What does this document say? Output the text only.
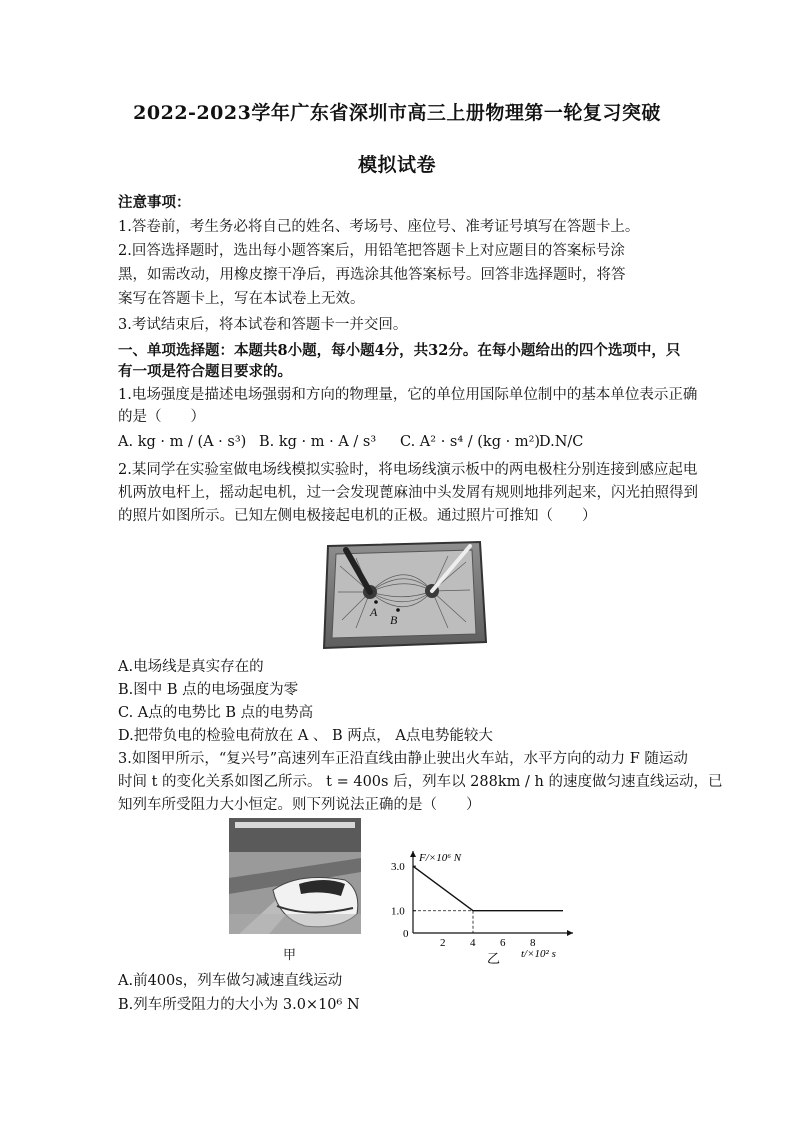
2022-2023学年广东省深圳市高三上册物理第一轮复习突破
模拟试卷
注意事项：
1.答卷前，考生务必将自己的姓名、考场号、座位号、准考证号填写在答题卡上。
2.回答选择题时，选出每小题答案后，用铅笔把答题卡上对应题目的答案标号涂
黑，如需改动，用橡皮擦干净后，再选涂其他答案标号。回答非选择题时，将答
案写在答题卡上，写在本试卷上无效。
3.考试结束后，将本试卷和答题卡一并交回。
一、单项选择题：本题共8小题，每小题4分，共32分。在每小题给出的四个选项中，只
有一项是符合题目要求的。
1.电场强度是描述电场强弱和方向的物理量，它的单位用国际单位制中的基本单位表示正确
的是（　　）
A. kg · m / (A · s³) B. kg · m · A / s³	C. A² · s⁴ / (kg · m²)
D.N/C
2.某同学在实验室做电场线模拟实验时，将电场线演示板中的两电极柱分别连接到感应起电
机两放电杆上，摇动起电机，过一会发现蓖麻油中头发屑有规则地排列起来，闪光拍照得到
的照片如图所示。已知左侧电极接起电机的正极。通过照片可推知（　　）
A
B
A.电场线是真实存在的
B.图中 B 点的电场强度为零
C. A点的电势比 B 点的电势高
D.把带负电的检验电荷放在 A 、 B 两点， A点电势能较大
3.如图甲所示，“复兴号”高速列车正沿直线由静止驶出火车站，水平方向的动力 F 随运动
时间 t 的变化关系如图乙所示。 t = 400s 后，列车以 288km / h 的速度做匀速直线运动，已
知列车所受阻力大小恒定。则下列说法正确的是（　　）
甲
F/×10⁶ N
t/×10² s
0
2 4 6 8
3.0
1.0
乙
A.前400s，列车做匀减速直线运动
B.列车所受阻力的大小为 3.0×10⁶ N
